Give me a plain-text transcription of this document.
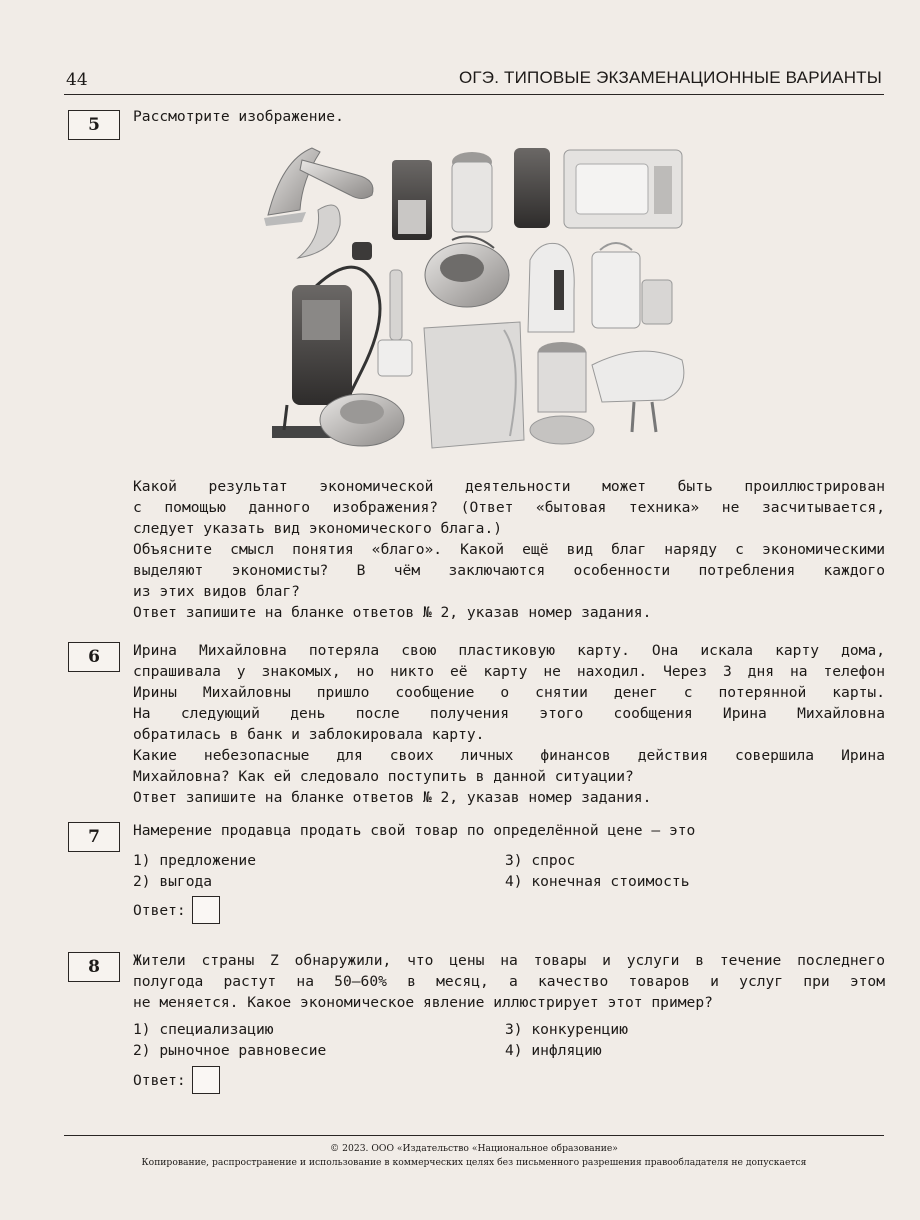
44	ОГЭ. ТИПОВЫЕ ЭКЗАМЕНАЦИОННЫЕ ВАРИАНТЫ
5	Рассмотрите изображение.

Какой результат экономической деятельности может быть проиллюстрирован

с помощью данного изображения? (Ответ «бытовая техника» не засчитывается,

следует указать вид экономического блага.)

Объясните смысл понятия «благо». Какой ещё вид благ наряду с экономическими

выделяют экономисты? В чём заключаются особенности потребления каждого

из этих видов благ?

Ответ запишите на бланке ответов № 2, указав номер задания.

6	Ирина Михайловна потеряла свою пластиковую карту. Она искала карту дома,

спрашивала у знакомых, но никто её карту не находил. Через 3 дня на телефон

Ирины Михайловны пришло сообщение о снятии денег с потерянной карты.

На следующий день после получения этого сообщения Ирина Михайловна

обратилась в банк и заблокировала карту.

Какие небезопасные для своих личных финансов действия совершила Ирина

Михайловна? Как ей следовало поступить в данной ситуации?

Ответ запишите на бланке ответов № 2, указав номер задания.

7	Намерение продавца продать свой товар по определённой цене — это
1) предложение	3) спрос
2) выгода	4) конечная стоимость
Ответ:
8	Жители страны Z обнаружили, что цены на товары и услуги в течение последнего

полугода растут на 50–60% в месяц, а качество товаров и услуг при этом

не меняется. Какое экономическое явление иллюстрирует этот пример?

1) специализацию	3) конкуренцию
2) рыночное равновесие	4) инфляцию
Ответ:
© 2023. ООО «Издательство «Национальное образование»
Копирование, распространение и использование в коммерческих целях без письменного разрешения правообладателя не допускается
